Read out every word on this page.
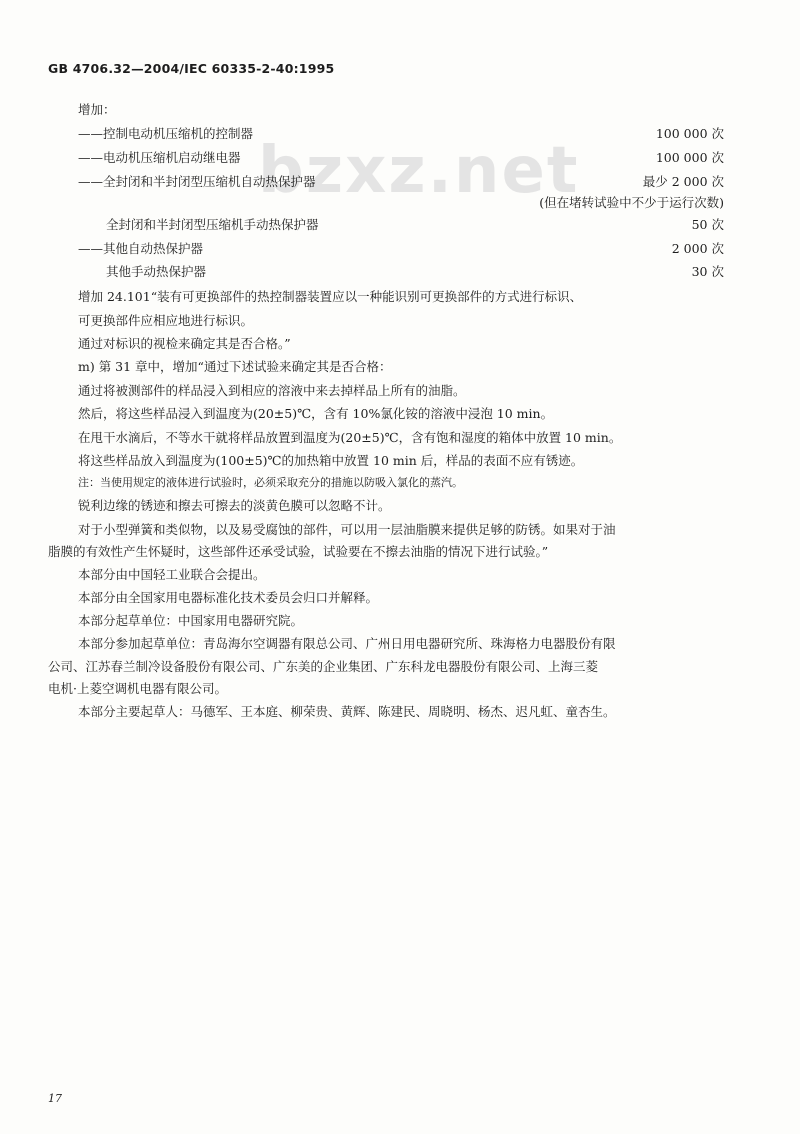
GB 4706.32—2004/IEC 60335-2-40:1995
bzxz.net
增加：
——控制电动机压缩机的控制器	100 000 次
——电动机压缩机启动继电器	100 000 次
——全封闭和半封闭型压缩机自动热保护器	最少 2 000 次
(但在堵转试验中不少于运行次数)
全封闭和半封闭型压缩机手动热保护器	50 次
——其他自动热保护器	2 000 次
其他手动热保护器	30 次
增加 24.101“装有可更换部件的热控制器装置应以一种能识别可更换部件的方式进行标识、
可更换部件应相应地进行标识。
通过对标识的视检来确定其是否合格。”
m) 第 31 章中，增加“通过下述试验来确定其是否合格：
通过将被测部件的样品浸入到相应的溶液中来去掉样品上所有的油脂。
然后，将这些样品浸入到温度为(20±5)℃，含有 10%氯化铵的溶液中浸泡 10 min。
在甩干水滴后，不等水干就将样品放置到温度为(20±5)℃，含有饱和湿度的箱体中放置 10 min。
将这些样品放入到温度为(100±5)℃的加热箱中放置 10 min 后，样品的表面不应有锈迹。
注：当使用规定的液体进行试验时，必须采取充分的措施以防吸入氯化的蒸汽。
锐利边缘的锈迹和擦去可擦去的淡黄色膜可以忽略不计。
对于小型弹簧和类似物，以及易受腐蚀的部件，可以用一层油脂膜来提供足够的防锈。如果对于油
脂膜的有效性产生怀疑时，这些部件还承受试验，试验要在不擦去油脂的情况下进行试验。”
本部分由中国轻工业联合会提出。
本部分由全国家用电器标准化技术委员会归口并解释。
本部分起草单位：中国家用电器研究院。
本部分参加起草单位：青岛海尔空调器有限总公司、广州日用电器研究所、珠海格力电器股份有限
公司、江苏春兰制冷设备股份有限公司、广东美的企业集团、广东科龙电器股份有限公司、上海三菱
电机·上菱空调机电器有限公司。
本部分主要起草人：马德军、王本庭、柳荣贵、黄辉、陈建民、周晓明、杨杰、迟凡虹、童杏生。
17
